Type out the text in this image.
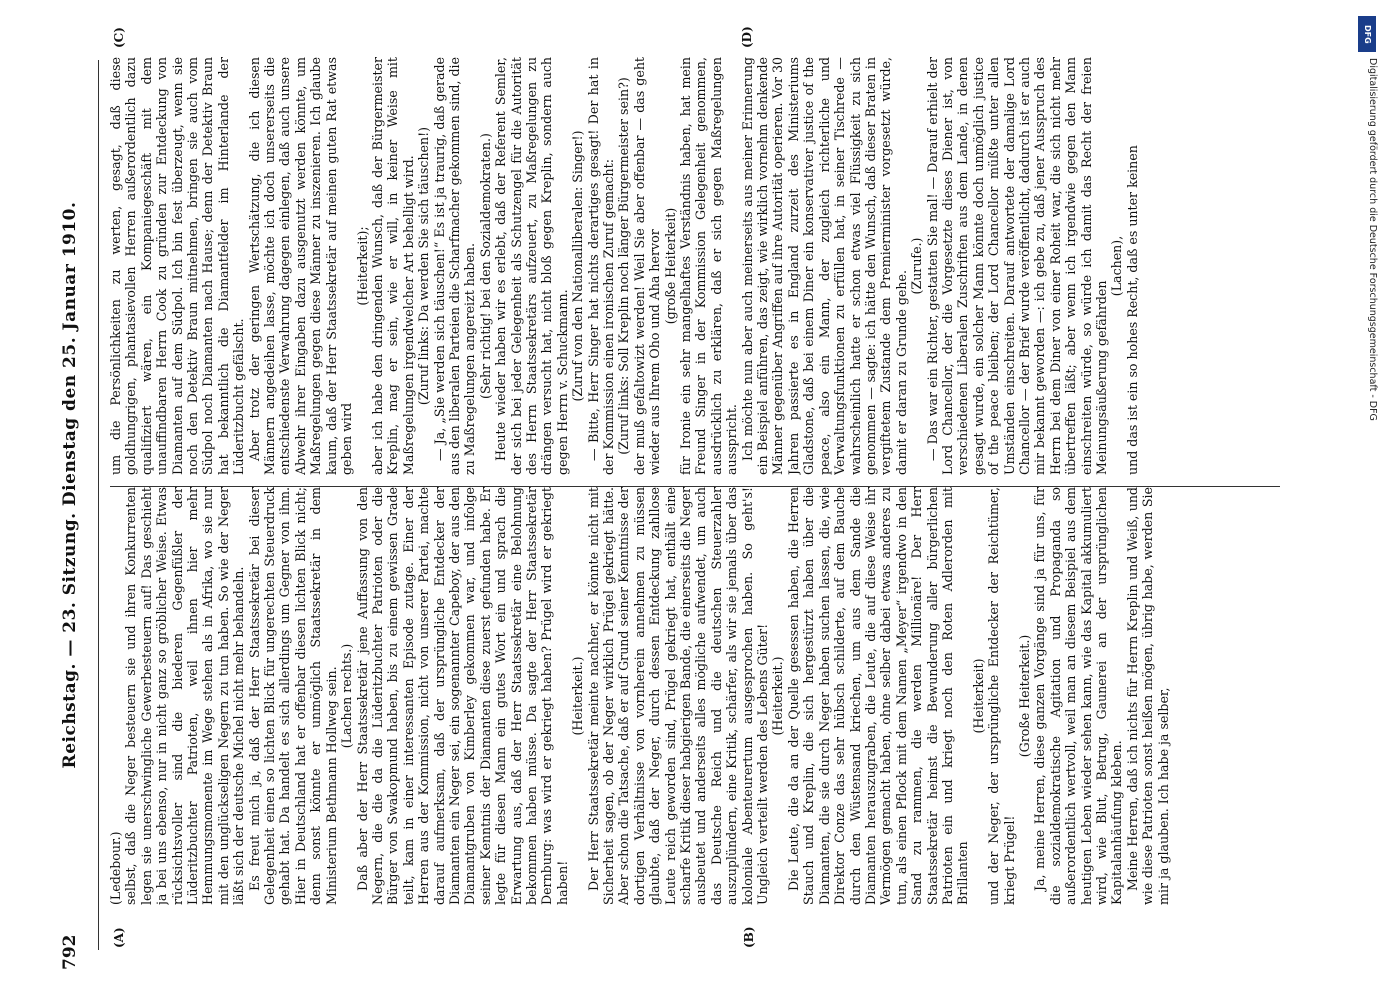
792
Reichstag. — 23. Sitzung. Dienstag den 25. Januar 1910.
(A)	(B)
(C)	(D)

(Ledebour.) selbst, daß die Neger besteuern sie und ihren Konkurrenten legen sie unerschwingliche Gewerbesteuern auf! Das geschieht ja bei uns ebenso, nur in nicht ganz so gröblicher Weise. Etwas rücksichtsvoller sind die biederen Gegenfüßler der Lüderitzbuchter Patrioten, weil ihnen hier mehr Hemmungsmomente im Wege stehen als in Afrika, wo sie nur mit den unglückseligen Negern zu tun haben. So wie der Neger läßt sich der deutsche Michel nicht mehr behandeln. Es freut mich ja, daß der Herr Staatssekretär bei dieser Gelegenheit einen so lichten Blick für ungerechten Steuerdruck gehabt hat. Da handelt es sich allerdings um Gegner von ihm. Hier in Deutschland hat er offenbar diesen lichten Blick nicht; denn sonst könnte er unmöglich Staatssekretär in dem Ministerium Bethmann Hollweg sein. (Lachen rechts.) Daß aber der Herr Staatssekretär jene Auffassung von den Negern, die die da die Lüderitzbuchter Patrioten oder die Bürger von Swakopmund haben, bis zu einem gewissen Grade teilt, kam in einer interessanten Episode zutage. Einer der Herren aus der Kommission, nicht von unserer Partei, machte darauf aufmerksam, daß der ursprüngliche Entdecker der Diamanten ein Neger sei, ein sogenannter Capeboy, der aus den Diamantgruben von Kimberley gekommen war, und infolge seiner Kenntnis der Diamanten diese zuerst gefunden habe. Er legte für diesen Mann ein gutes Wort ein und sprach die Erwartung aus, daß der Herr Staatssekretär eine Belohnung bekommen haben müsse. Da sagte der Herr Staatssekretär Dernburg: was wird er gekriegt haben? Prügel wird er gekriegt haben!

(Heiterkeit.) Der Herr Staatssekretär meinte nachher, er könnte nicht mit Sicherheit sagen, ob der Neger wirklich Prügel gekriegt hätte. Aber schon die Tatsache, daß er auf Grund seiner Kenntnisse der dortigen Verhältnisse von vornherein annehmen zu müssen glaubte, daß der Neger, durch dessen Entdeckung zahllose Leute reich geworden sind, Prügel gekriegt hat, enthält eine scharfe Kritik dieser habgierigen Bande, die einerseits die Neger ausbeutet und anderseits alles mögliche aufwendet, um auch das Deutsche Reich und die deutschen Steuerzahler auszuplündern, eine Kritik, schärfer, als wir sie jemals über das koloniale Abenteurertum ausgesprochen haben. So geht's! Ungleich verteilt werden des Lebens Güter! (Heiterkeit.) Die Leute, die da an der Quelle gesessen haben, die Herren Stauch und Kreplin, die sich hergestürzt haben über die Diamanten, die sie durch Neger haben suchen lassen, die, wie Direktor Conze das sehr hübsch schilderte, auf dem Bauche durch den Wüstensand kriechen, um aus dem Sande die Diamanten herauszugraben, die Leute, die auf diese Weise ihr Vermögen gemacht haben, ohne selber dabei etwas anderes zu tun, als einen Pflock mit dem Namen „Meyer“ irgendwo in den Sand zu rammen, die werden Millionäre! Der Herr Staatssekretär heimst die Bewunderung aller bürgerlichen Patrioten ein und kriegt noch den Roten Adlerorden mit Brillanten

(Heiterkeit) und der Neger, der ursprüngliche Entdecker der Reichtümer, kriegt Prügel!

(Große Heiterkeit.) Ja, meine Herren, diese ganzen Vorgänge sind ja für uns, für die sozialdemokratische Agitation und Propaganda so außerordentlich wertvoll, weil man an diesem Beispiel aus dem heutigen Leben wieder sehen kann, wie das Kapital akkumuliert wird, wie Blut, Betrug, Gaunerei an der ursprünglichen Kapitalanhäufung kleben. Meine Herren, daß ich nichts für Herrn Kreplin und Weiß, und wie diese Patrioten sonst heißen mögen, übrig habe, werden Sie mir ja glauben. Ich habe ja selber,

um die Persönlichkeiten zu werten, gesagt, daß diese goldhungrigen, phantasievollen Herren außerordentlich dazu qualifiziert wären, ein Kompaniegeschäft mit dem unauffindbaren Herrn Cook zu gründen zur Entdeckung von Diamanten auf dem Südpol. Ich bin fest überzeugt, wenn sie noch den Detektiv Braun mitnehmen, bringen sie auch vom Südpol noch Diamanten nach Hause; denn der Detektiv Braun hat bekanntlich die Diamantfelder im Hinterlande der Lüderitzbucht gefälscht. Aber trotz der geringen Wertschätzung, die ich diesen Männern angedeihen lasse, möchte ich doch unsererseits die entschiedenste Verwahrung dagegen einlegen, daß auch unsere Abwehr ihrer Eingaben dazu ausgenutzt werden könnte, um Maßregelungen gegen diese Männer zu inszenieren. Ich glaube kaum, daß der Herr Staatssekretär auf meinen guten Rat etwas geben wird

(Heiterkeit); aber ich habe den dringenden Wunsch, daß der Bürgermeister Kreplin, mag er sein, wie er will, in keiner Weise mit Maßregelungen irgendwelcher Art behelligt wird. (Zuruf links: Da werden Sie sich täuschen!) — Ja, „Sie werden sich täuschen!“ Es ist ja traurig, daß gerade aus den liberalen Parteien die Scharfmacher gekommen sind, die zu Maßregelungen angereizt haben. (Sehr richtig! bei den Sozialdemokraten.) Heute wieder haben wir es erlebt, daß der Referent Semler, der sich bei jeder Gelegenheit als Schutzengel für die Autorität des Herrn Staatssekretärs aufzeuert, zu Maßregelungen zu drängen versucht hat, nicht bloß gegen Kreplin, sondern auch gegen Herrn v. Schuckmann. (Zuruf von den Nationalliberalen: Singer!) — Bitte, Herr Singer hat nichts derartiges gesagt! Der hat in der Kommission einen ironischen Zuruf gemacht: (Zuruf links: Soll Kreplin noch länger Bürgermeister sein?) der muß gefaltowizt werden! Weil Sie aber offenbar — das geht wieder aus Ihrem Oho und Aha hervor (große Heiterkeit) für Ironie ein sehr mangelhaftes Verständnis haben, hat mein Freund Singer in der Kommission Gelegenheit genommen, ausdrücklich zu erklären, daß er sich gegen Maßregelungen ausspricht. Ich möchte nun aber auch meinerseits aus meiner Erinnerung ein Beispiel anführen, das zeigt, wie wirklich vornehm denkende Männer gegenüber Angriffen auf ihre Autorität operieren. Vor 30 Jahren passierte es in England zurzeit des Ministeriums Gladstone, daß bei einem Diner ein konservativer justice of the peace, also ein Mann, der zugleich richterliche und Verwaltungsfunktionen zu erfüllen hat, in seiner Tischrede — wahrscheinlich hatte er schon etwas viel Flüssigkeit zu sich genommen — sagte: ich hätte den Wunsch, daß dieser Braten in vergiftetem Zustande dem Premierminister vorgesetzt würde, damit er daran zu Grunde gehe.

(Zurufe.) — Das war ein Richter, gestatten Sie mal! — Darauf erhielt der Lord Chancellor, der die Vorgesetzte dieses Diener ist, von verschiedenen Liberalen Zuschriften aus dem Lande, in denen gesagt wurde, ein solcher Mann könnte doch unmöglich justice of the peace bleiben; der Lord Chancellor müßte unter allen Umständen einschreiten. Darauf antwortete der damalige Lord Chancellor — der Brief wurde veröffentlicht, dadurch ist er auch mir bekannt geworden —: ich gebe zu, daß jener Ausspruch des Herrn bei dem Diner von einer Roheit war, die sich nicht mehr übertreffen läßt; aber wenn ich irgendwie gegen den Mann einschreiten würde, so würde ich damit das Recht der freien Meinungsäußerung gefährden

(Lachen), und das ist ein so hohes Recht, daß es unter keinen

DFG
Digitalisierung gefördert durch die Deutsche Forschungsgemeinschaft - DFG
